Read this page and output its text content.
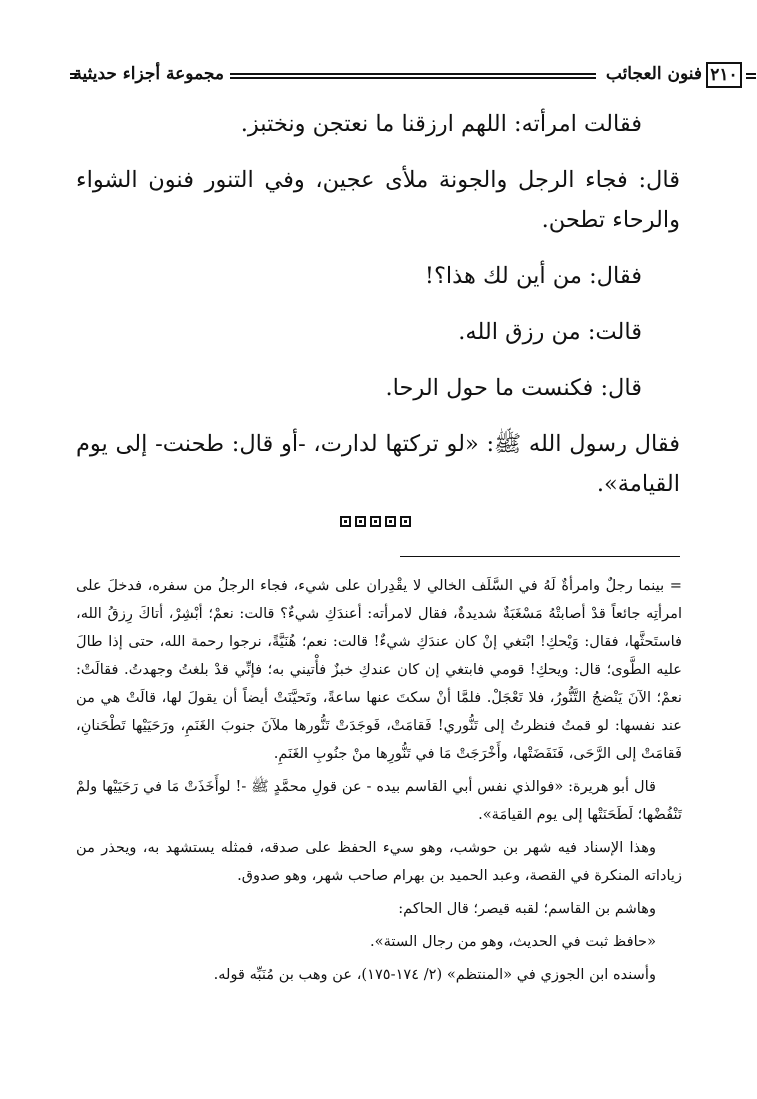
مجموعة أجزاء حديثية	فنون العجائب ٢١٠

فقالت امرأته: اللهم ارزقنا ما نعتجن ونختبز.

قال: فجاء الرجل والجونة ملأى عجين، وفي التنور فنون الشواء والرحاء تطحن.

فقال: من أين لك هذا؟!

قالت: من رزق الله.

قال: فكنست ما حول الرحا.

فقال رسول الله ﷺ: «لو تركتها لدارت، -أو قال: طحنت- إلى يوم القيامة».

= بينما رجلٌ وامرأةٌ لَهُ في السَّلَف الخالي لا يقْدِران على شيء، فجاء الرجلُ من سفره، فدخلَ على امرأتِه جائعاً قدْ أصابتْهُ مَسْغَبَةٌ شديدةٌ، فقال لامرأته: أعندَكِ شيءٌ؟ قالت: نعمْ؛ أبْشِرْ، أتاكَ رِزقُ الله، فاستَحثَّها، فقال: وَيْحكِ! ابْتغي إنْ كان عندَكِ شيءٌ! قالت: نعم؛ هُنَيَّةً، نرجوا رحمة الله، حتى إذا طالَ عليه الطَّوى؛ قال: ويحكِ! قومي فابتغي إن كان عندكِ خبزٌ فأْتيني به؛ فإنِّي قدْ بلغتُ وجهدتُ. فقالَتْ: نعمْ؛ الآنَ يَنْضجُ التَّنُّورُ، فلا تَعْجَلْ. فلمَّا أنْ سكتَ عنها ساعةً، وتَحيَّنَتْ أيضاً أن يقولَ لها، قالَتْ هي من عند نفسها: لو قمتُ فنظرتُ إلى تَنُّوري! فَقامَتْ، فَوجَدَتْ تَنُّورها ملآنَ جنوبَ الغَنَمِ، ورَحَيَيْها تَطْحَنانِ، فَقامَتْ إلى الرَّحَى، فَنَفَضَتْها، وأَخْرَجَتْ مَا في تَنُّورِها منْ جنُوبِ الغَنَمِ.

قال أبو هريرة: «فوالذي نفس أبي القاسم بيده - عن قولِ محمَّدٍ ﷺ -! لوأَخَذَتْ مَا في رَحَيَيْها ولمْ تَنْفُضْها؛ لَطَحَنَتْها إلى يوم القيامَة».

وهذا الإسناد فيه شهر بن حوشب، وهو سيء الحفظ على صدقه، فمثله يستشهد به، ويحذر من زياداته المنكرة في القصة، وعبد الحميد بن بهرام صاحب شهر، وهو صدوق.

وهاشم بن القاسم؛ لقبه قيصر؛ قال الحاكم:

«حافظ ثبت في الحديث، وهو من رجال الستة».

وأسنده ابن الجوزي في «المنتظم» (٢/ ١٧٤-١٧٥)، عن وهب بن مُنَبِّه قوله.
